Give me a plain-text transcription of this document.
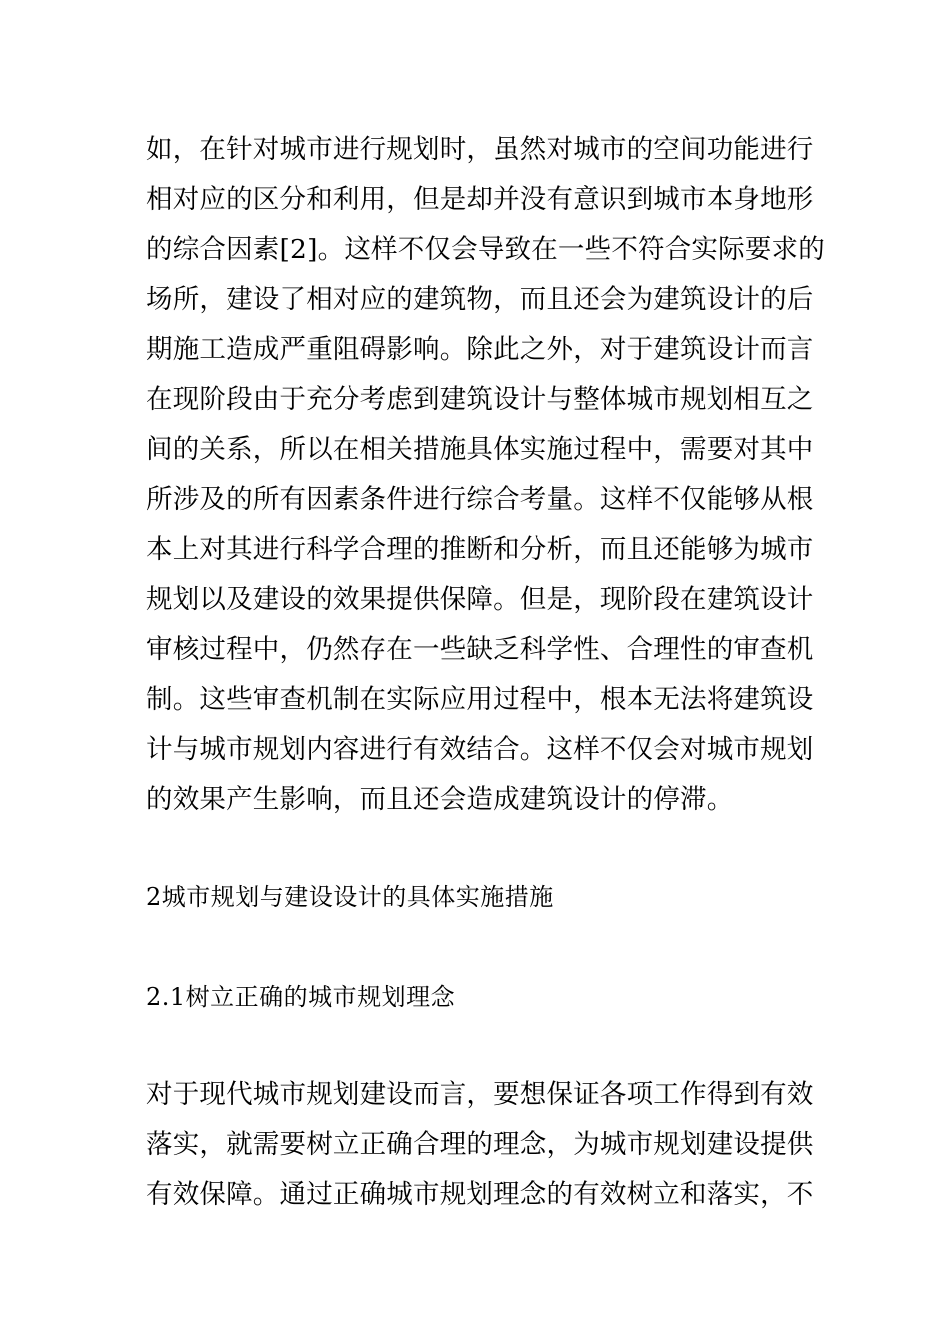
如，在针对城市进行规划时，虽然对城市的空间功能进行
相对应的区分和利用，但是却并没有意识到城市本身地形
的综合因素[2]。这样不仅会导致在一些不符合实际要求的
场所，建设了相对应的建筑物，而且还会为建筑设计的后
期施工造成严重阻碍影响。除此之外，对于建筑设计而言
在现阶段由于充分考虑到建筑设计与整体城市规划相互之
间的关系，所以在相关措施具体实施过程中，需要对其中
所涉及的所有因素条件进行综合考量。这样不仅能够从根
本上对其进行科学合理的推断和分析，而且还能够为城市
规划以及建设的效果提供保障。但是，现阶段在建筑设计
审核过程中，仍然存在一些缺乏科学性、合理性的审查机
制。这些审查机制在实际应用过程中，根本无法将建筑设
计与城市规划内容进行有效结合。这样不仅会对城市规划
的效果产生影响，而且还会造成建筑设计的停滞。
2城市规划与建设设计的具体实施措施
2.1树立正确的城市规划理念
对于现代城市规划建设而言，要想保证各项工作得到有效
落实，就需要树立正确合理的理念，为城市规划建设提供
有效保障。通过正确城市规划理念的有效树立和落实，不
